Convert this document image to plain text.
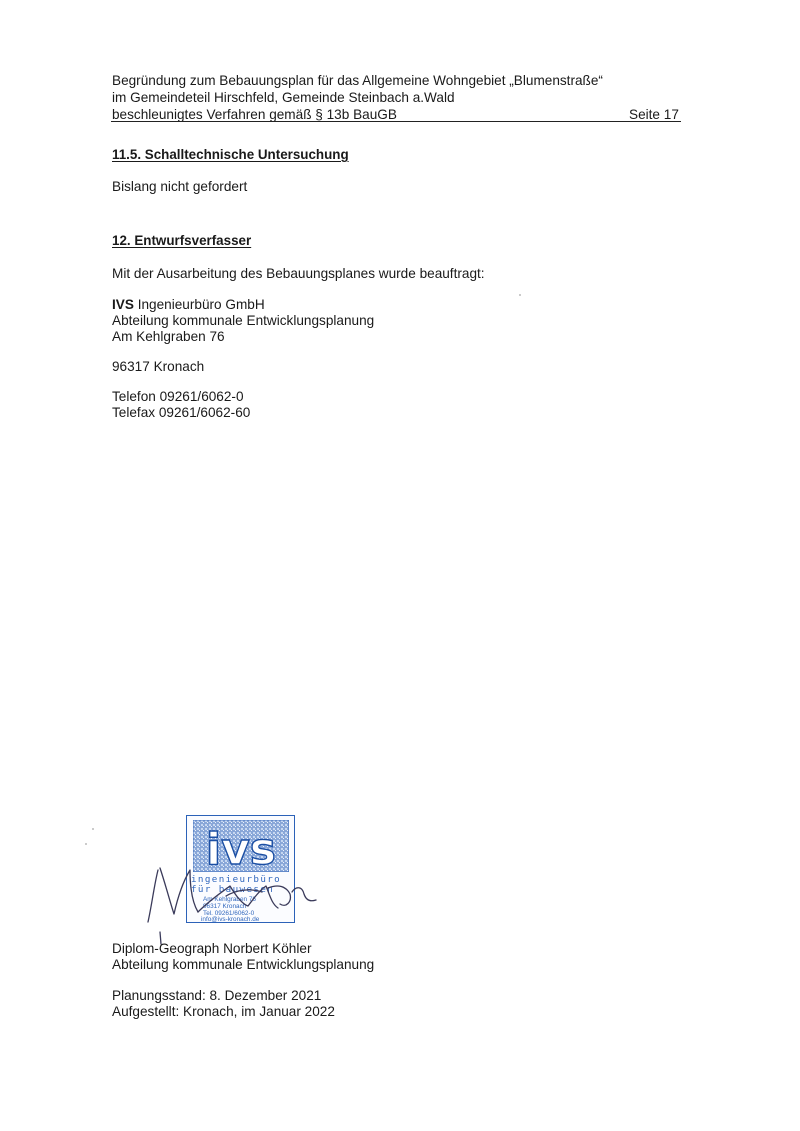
Begründung zum Bebauungsplan für das Allgemeine Wohngebiet „Blumenstraße“
im Gemeindeteil Hirschfeld, Gemeinde Steinbach a.Wald
beschleunigtes Verfahren gemäß § 13b BauGB	Seite 17
11.5. Schalltechnische Untersuchung
Bislang nicht gefordert
12. Entwurfsverfasser
Mit der Ausarbeitung des Bebauungsplanes wurde beauftragt:
IVS Ingenieurbüro GmbH
Abteilung kommunale Entwicklungsplanung
Am Kehlgraben 76
96317 Kronach
Telefon 09261/6062-0
Telefax 09261/6062-60
ivs
ingenieurbüro
für bauwesen
Am Kehlgraben 76
96317 Kronach
Tel. 09261/6062-0
info@ivs-kronach.de
Diplom-Geograph Norbert Köhler
Abteilung kommunale Entwicklungsplanung
Planungsstand: 8. Dezember 2021
Aufgestellt: Kronach, im Januar 2022
